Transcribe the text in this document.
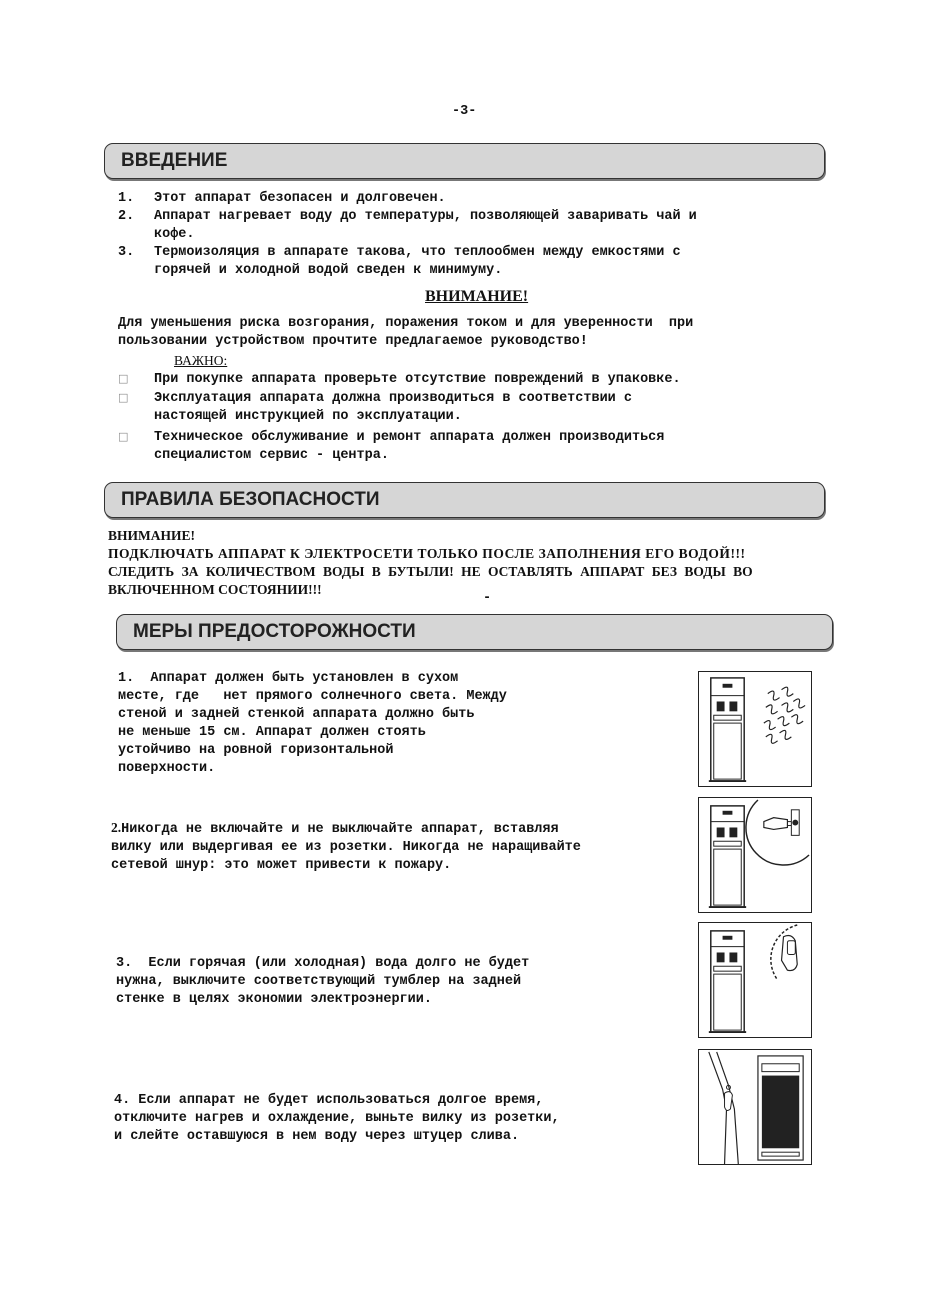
-3-
ВВЕДЕНИЕ
1. Этот аппарат безопасен и долговечен.
2. Аппарат нагревает воду до температуры, позволяющей заваривать чай и
кофе.
3. Термоизоляция в аппарате такова, что теплообмен между емкостями с
горячей и холодной водой сведен к минимуму.
ВНИМАНИЕ!
Для уменьшения риска возгорания, поражения током и для уверенности  при
пользовании устройством прочтите предлагаемое руководство!
ВАЖНО:
□ При покупке аппарата проверьте отсутствие повреждений в упаковке.
□ Эксплуатация аппарата должна производиться в соответствии с
настоящей инструкцией по эксплуатации.
□ Техническое обслуживание и ремонт аппарата должен производиться
специалистом сервис - центра.
ПРАВИЛА БЕЗОПАСНОСТИ
ВНИМАНИЕ!
ПОДКЛЮЧАТЬ АППАРАТ К ЭЛЕКТРОСЕТИ ТОЛЬКО ПОСЛЕ ЗАПОЛНЕНИЯ ЕГО ВОДОЙ!!!
СЛЕДИТЬ ЗА КОЛИЧЕСТВОМ ВОДЫ В БУТЫЛИ! НЕ ОСТАВЛЯТЬ АППАРАТ БЕЗ ВОДЫ ВО
ВКЛЮЧЕННОМ СОСТОЯНИИ!!!
-
МЕРЫ ПРЕДОСТОРОЖНОСТИ
1.  Аппарат должен быть установлен в сухом
месте, где   нет прямого солнечного света. Между
стеной и задней стенкой аппарата должно быть
не меньше 15 см. Аппарат должен стоять
устойчиво на ровной горизонтальной
поверхности.
2.Никогда не включайте и не выключайте аппарат, вставляя
вилку или выдергивая ее из розетки. Никогда не наращивайте
сетевой шнур: это может привести к пожару.
3.  Если горячая (или холодная) вода долго не будет
нужна, выключите соответствующий тумблер на задней
стенке в целях экономии электроэнергии.
4. Если аппарат не будет использоваться долгое время,
отключите нагрев и охлаждение, выньте вилку из розетки,
и слейте оставшуюся в нем воду через штуцер слива.
